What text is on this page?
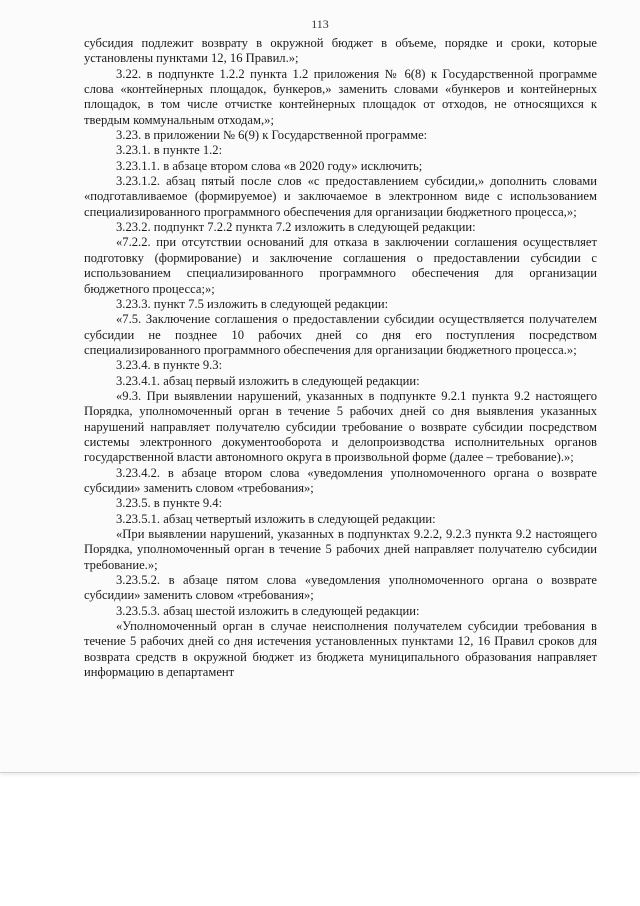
113

субсидия подлежит возврату в окружной бюджет в объеме, порядке и сроки, которые установлены пунктами 12, 16 Правил.»;

3.22. в подпункте 1.2.2 пункта 1.2 приложения № 6(8) к Государственной программе слова «контейнерных площадок, бункеров,» заменить словами «бункеров и контейнерных площадок, в том числе отчистке контейнерных площадок от отходов, не относящихся к твердым коммунальным отходам,»;

3.23. в приложении № 6(9) к Государственной программе:

3.23.1. в пункте 1.2:

3.23.1.1. в абзаце втором слова «в 2020 году» исключить;

3.23.1.2. абзац пятый после слов «с предоставлением субсидии,» дополнить словами «подготавливаемое (формируемое) и заключаемое в электронном виде с использованием специализированного программного обеспечения для организации бюджетного процесса,»;

3.23.2. подпункт 7.2.2 пункта 7.2 изложить в следующей редакции:

«7.2.2. при отсутствии оснований для отказа в заключении соглашения осуществляет подготовку (формирование) и заключение соглашения о предоставлении субсидии с использованием специализированного программного обеспечения для организации бюджетного процесса;»;

3.23.3. пункт 7.5 изложить в следующей редакции:

«7.5. Заключение соглашения о предоставлении субсидии осуществляется получателем субсидии не позднее 10 рабочих дней со дня его поступления посредством специализированного программного обеспечения для организации бюджетного процесса.»;

3.23.4. в пункте 9.3:

3.23.4.1. абзац первый изложить в следующей редакции:

«9.3. При выявлении нарушений, указанных в подпункте 9.2.1 пункта 9.2 настоящего Порядка, уполномоченный орган в течение 5 рабочих дней со дня выявления указанных нарушений направляет получателю субсидии требование о возврате субсидии посредством системы электронного документооборота и делопроизводства исполнительных органов государственной власти автономного округа в произвольной форме (далее – требование).»;

3.23.4.2. в абзаце втором слова «уведомления уполномоченного органа о возврате субсидии» заменить словом «требования»;

3.23.5. в пункте 9.4:

3.23.5.1. абзац четвертый изложить в следующей редакции:

«При выявлении нарушений, указанных в подпунктах 9.2.2, 9.2.3 пункта 9.2 настоящего Порядка, уполномоченный орган в течение 5 рабочих дней направляет получателю субсидии требование.»;

3.23.5.2. в абзаце пятом слова «уведомления уполномоченного органа о возврате субсидии» заменить словом «требования»;

3.23.5.3. абзац шестой изложить в следующей редакции:

«Уполномоченный орган в случае неисполнения получателем субсидии требования в течение 5 рабочих дней со дня истечения установленных пунктами 12, 16 Правил сроков для возврата средств в окружной бюджет из бюджета муниципального образования направляет информацию в департамент
